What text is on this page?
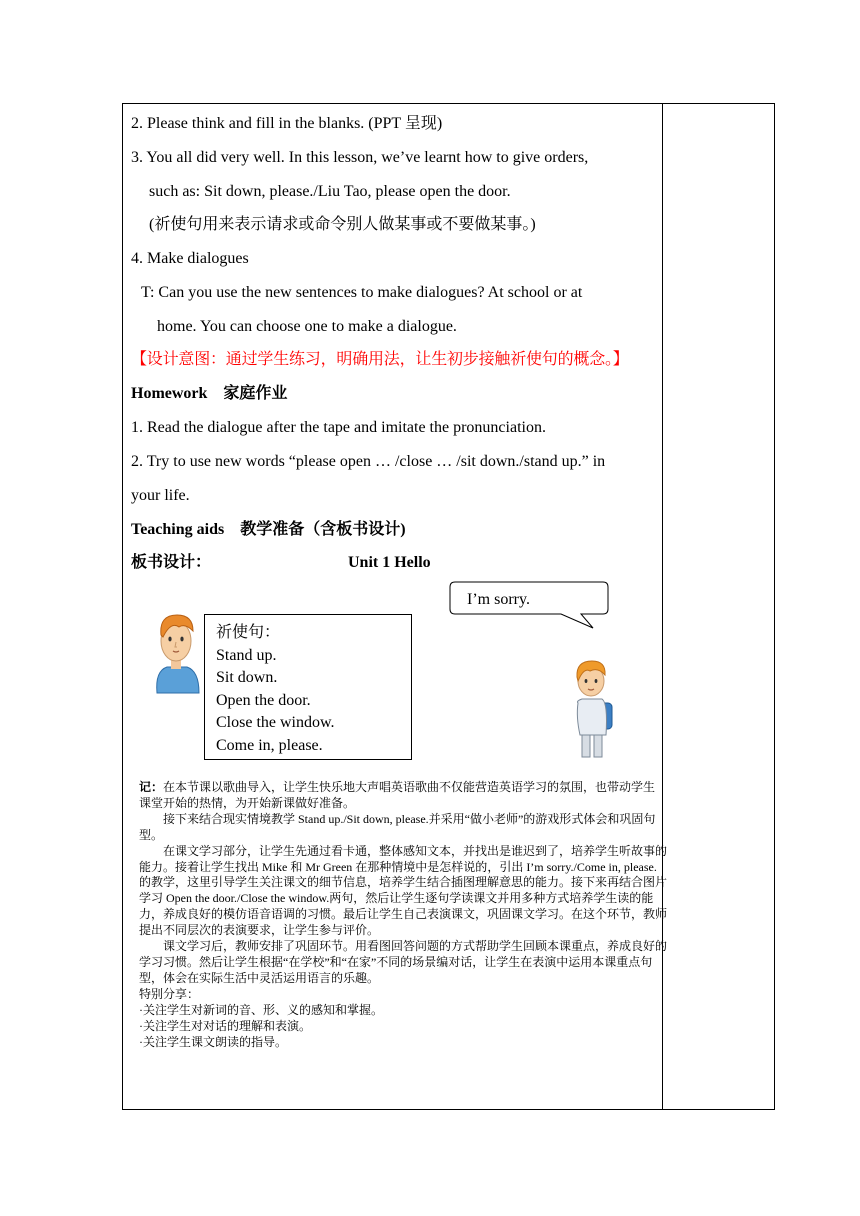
2. Please think and fill in the blanks. (PPT 呈现)
3. You all did very well. In this lesson, we’ve learnt how to give orders,
such as: Sit down, please./Liu Tao, please open the door.
(祈使句用来表示请求或命令别人做某事或不要做某事。)
4. Make dialogues
T: Can you use the new sentences to make dialogues? At school or at
home. You can choose one to make a dialogue.
【设计意图：通过学生练习，明确用法，让生初步接触祈使句的概念。】
Homework　家庭作业
1. Read the dialogue after the tape and imitate the pronunciation.
2. Try to use new words “please open … /close … /sit down./stand up.” in
your life.
Teaching aids　教学准备（含板书设计)
板书设计：	Unit 1 Hello
I’m sorry.
祈使句：
Stand up.
Sit down.
Open the door.
Close the window.
Come in, please.

记：在本节课以歌曲导入，让学生快乐地大声唱英语歌曲不仅能营造英语学习的氛围，也带动学生课堂开始的热情，为开始新课做好准备。

接下来结合现实情境教学 Stand up./Sit down, please.并采用“做小老师”的游戏形式体会和巩固句型。

在课文学习部分，让学生先通过看卡通，整体感知文本，并找出是谁迟到了，培养学生听故事的能力。接着让学生找出 Mike 和 Mr Green 在那种情境中是怎样说的，引出 I’m sorry./Come in, please.的教学，这里引导学生关注课文的细节信息，培养学生结合插图理解意思的能力。接下来再结合图片学习 Open the door./Close the window.两句，然后让学生逐句学读课文并用多种方式培养学生读的能力，养成良好的模仿语音语调的习惯。最后让学生自己表演课文，巩固课文学习。在这个环节，教师提出不同层次的表演要求，让学生参与评价。

课文学习后，教师安排了巩固环节。用看图回答问题的方式帮助学生回顾本课重点，养成良好的学习习惯。然后让学生根据“在学校”和“在家”不同的场景编对话，让学生在表演中运用本课重点句型，体会在实际生活中灵活运用语言的乐趣。

特别分享：

·关注学生对新词的音、形、义的感知和掌握。

·关注学生对对话的理解和表演。

·关注学生课文朗读的指导。
